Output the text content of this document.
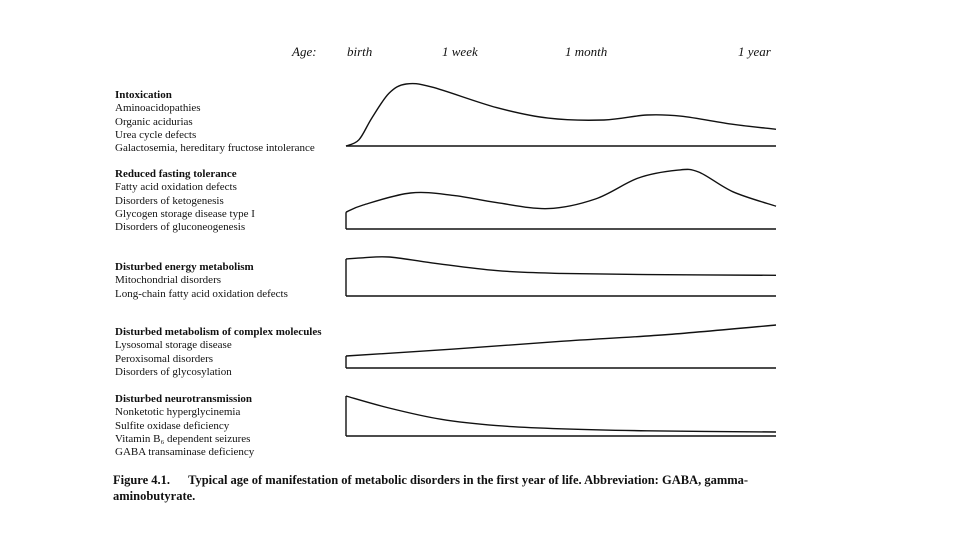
Age: birth	1 week	1 month	1 year
Intoxication
Aminoacidopathies
Organic acidurias
Urea cycle defects
Galactosemia, hereditary fructose intolerance
Reduced fasting tolerance
Fatty acid oxidation defects
Disorders of ketogenesis
Glycogen storage disease type I
Disorders of gluconeogenesis
Disturbed energy metabolism
Mitochondrial disorders
Long-chain fatty acid oxidation defects
Disturbed metabolism of complex molecules
Lysosomal storage disease
Peroxisomal disorders
Disorders of glycosylation
Disturbed neurotransmission
Nonketotic hyperglycinemia
Sulfite oxidase deficiency
Vitamin B₆ dependent seizures
GABA transaminase deficiency
Figure 4.1. Typical age of manifestation of metabolic disorders in the first year of life. Abbreviation: GABA, gamma-aminobutyrate.
